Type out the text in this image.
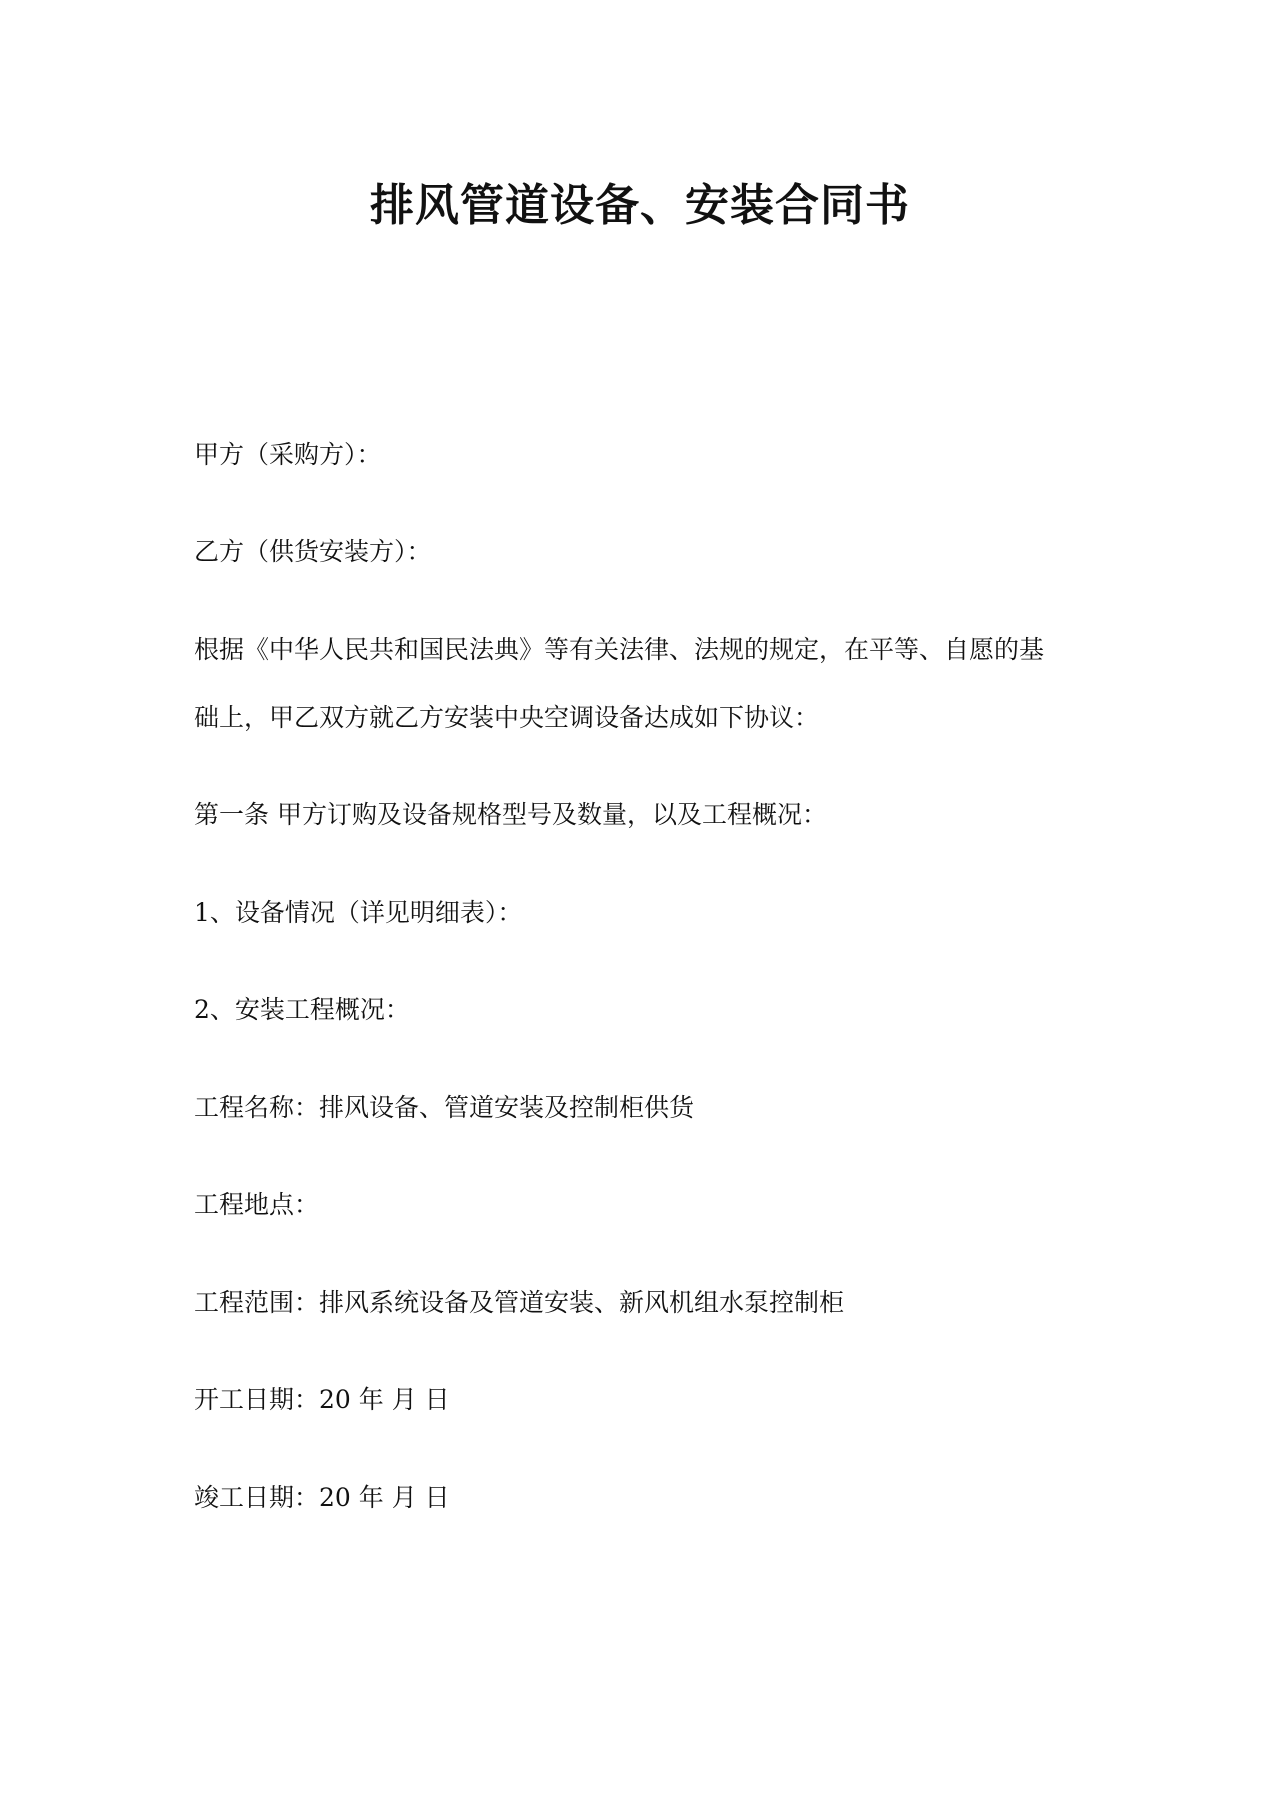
排风管道设备、安装合同书
甲方（采购方）：
乙方（供货安装方）：
根据《中华人民共和国民法典》等有关法律、法规的规定，在平等、自愿的基
础上，甲乙双方就乙方安装中央空调设备达成如下协议：
第一条 甲方订购及设备规格型号及数量，以及工程概况：
1、设备情况（详见明细表）：
2、安装工程概况：
工程名称：排风设备、管道安装及控制柜供货
工程地点：
工程范围：排风系统设备及管道安装、新风机组水泵控制柜
开工日期：20 年 月 日
竣工日期：20 年 月 日
